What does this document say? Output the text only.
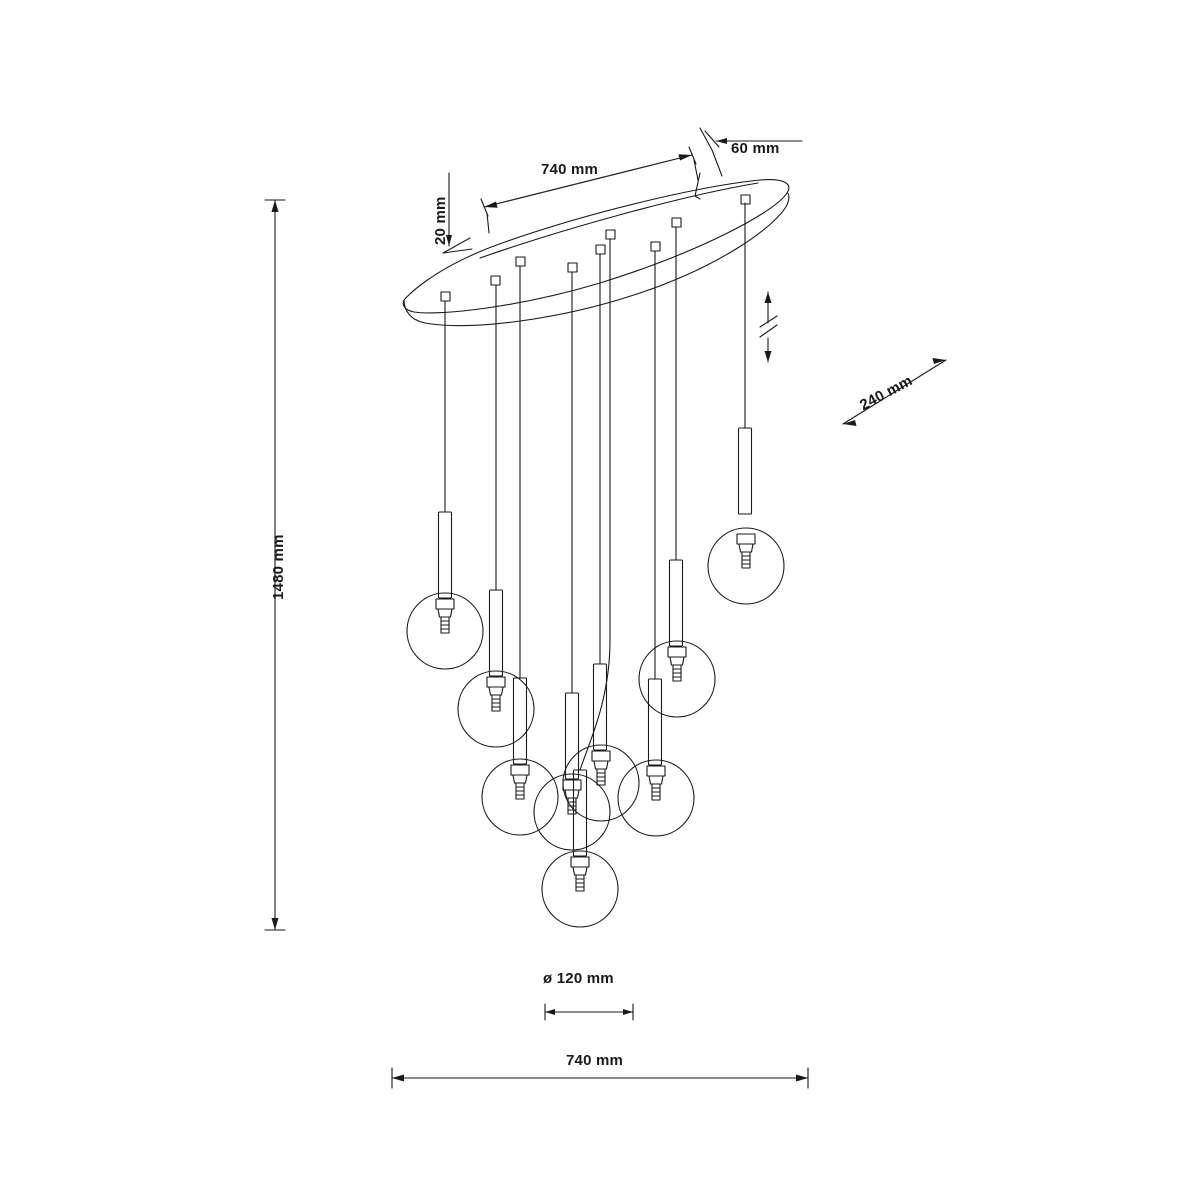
1480 mm
740 mm
60 mm
20 mm
240 mm
ø 120 mm
740 mm
